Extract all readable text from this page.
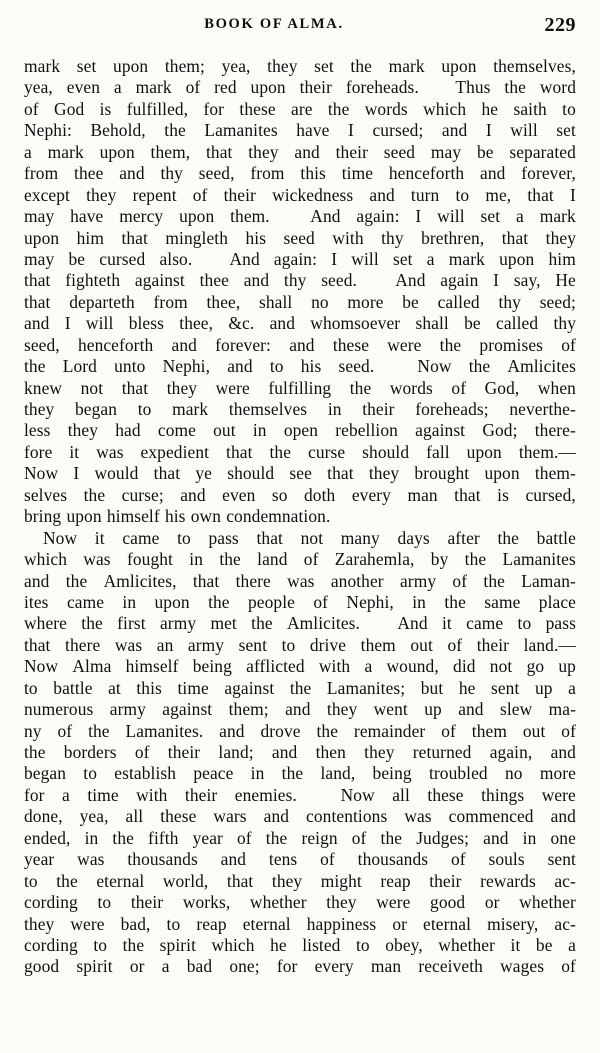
BOOK OF ALMA.	229
mark set upon them; yea, they set the mark upon themselves,
yea, even a mark of red upon their foreheads.
  Thus the word
of God is fulfilled, for these are the words which he saith to
Nephi: Behold, the Lamanites have I cursed; and I will set
a mark upon them, that they and their seed may be separated
from thee and thy seed, from this time henceforth and forever,
except they repent of their wickedness and turn to me, that I
may have mercy upon them.
  And again: I will set a mark
upon him that mingleth his seed with thy brethren, that they
may be cursed also.
  And again: I will set a mark upon him
that fighteth against thee and thy seed.
  And again I say, He
that departeth from thee, shall no more be called thy seed;
and I will bless thee, &c. and whomsoever shall be called thy
seed, henceforth and forever: and these were the promises of
the Lord unto Nephi, and to his seed.
  Now the Amlicites
knew not that they were fulfilling the words of God, when
they began to mark themselves in their foreheads; neverthe-
less they had come out in open rebellion against God; there-
fore it was expedient that the curse should fall upon them.—
Now I would that ye should see that they brought upon them-
selves the curse; and even so doth every man that is cursed,
bring upon himself his own condemnation.
Now it came to pass that not many days after the battle
which was fought in the land of Zarahemla, by the Lamanites
and the Amlicites, that there was another army of the Laman-
ites came in upon the people of Nephi, in the same place
where the first army met the Amlicites.
  And it came to pass
that there was an army sent to drive them out of their land.—
Now Alma himself being afflicted with a wound, did not go up
to battle at this time against the Lamanites; but he sent up a
numerous army against them; and they went up and slew ma-
ny of the Lamanites. and drove the remainder of them out of
the borders of their land; and then they returned again, and
began to establish peace in the land, being troubled no more
for a time with their enemies.
 	Now all these things were
done, yea, all these wars and contentions was commenced and
ended, in the fifth year of the reign of the Judges; and in one
year was thousands and tens of thousands of souls sent
to the eternal world, that they might reap their rewards ac-
cording to their works, whether they were good or whether
they were bad, to reap eternal happiness or eternal misery, ac-
cording to the spirit which he listed to obey, whether it be a
good spirit or a bad one; for every man receiveth wages of
